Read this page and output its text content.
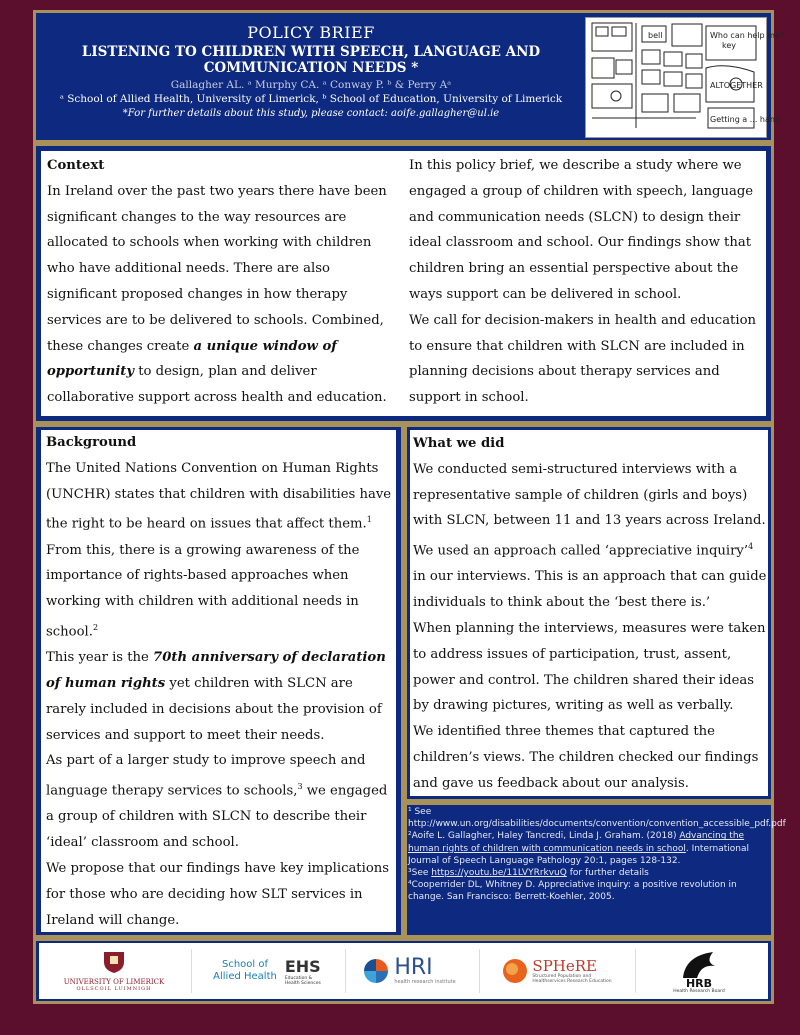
POLICY BRIEF
LISTENING TO CHILDREN WITH SPEECH, LANGUAGE AND COMMUNICATION NEEDS *
Gallagher AL. ᵃ Murphy CA. ᵃ Conway P. ᵇ & Perry Aᵃ
ᵃ School of Allied Health, University of Limerick, ᵇ School of Education, University of Limerick
*For further details about this study, please contact: aoife.gallagher@ul.ie
Who can help me?
key
bell
ALTOGETHER
Getting a ... hand
Context
In Ireland over the past two years there have been significant changes to the way resources are allocated to schools when working with children who have additional needs. There are also significant proposed changes in how therapy services are to be delivered to schools. Combined, these changes create a unique window of opportunity to design, plan and deliver collaborative support across health and education.
In this policy brief, we describe a study where we engaged a group of children with speech, language and communication needs (SLCN) to design their ideal classroom and school. Our findings show that children bring an essential perspective about the ways support can be delivered in school.
We call for decision-makers in health and education to ensure that children with SLCN are included in planning decisions about therapy services and support in school.
Background
The United Nations Convention on Human Rights (UNCHR) states that children with disabilities have the right to be heard on issues that affect them.$^1$
From this, there is a growing awareness of the importance of rights-based approaches when working with children with additional needs in school.$^2$
This year is the 70th anniversary of declaration of human rights yet children with SLCN are rarely included in decisions about the provision of services and support to meet their needs.
As part of a larger study to improve speech and language therapy services to schools,$^3$ we engaged a group of children with SLCN to describe their ‘ideal’ classroom and school.
We propose that our findings have key implications for those who are deciding how SLT services in Ireland will change.
What we did
We conducted semi-structured interviews with a representative sample of children (girls and boys) with SLCN, between 11 and 13 years across Ireland.
We used an approach called ‘appreciative inquiry’$^4$ in our interviews. This is an approach that can guide individuals to think about the ‘best there is.’
When planning the interviews, measures were taken to address issues of participation, trust, assent, power and control. The children shared their ideas by drawing pictures, writing as well as verbally.
We identified three themes that captured the children’s views. The children checked our findings and gave us feedback about our analysis.
¹ See http://www.un.org/disabilities/documents/convention/convention_accessible_pdf.pdf
²Aoife L. Gallagher, Haley Tancredi, Linda J. Graham. (2018) Advancing the human rights of children with communication needs in school. International Journal of Speech Language Pathology 20:1, pages 128-132.
³See https://youtu.be/11LVYRrkvuQ for further details
⁴Cooperrider DL, Whitney D. Appreciative inquiry: a positive revolution in change. San Francisco: Berrett-Koehler, 2005.
UNIVERSITY OF LIMERICK
OLLSCOIL LUIMNIGH
School of
Allied Health
EHS
Education & Health Sciences
HRI
health research institute
SPHeRE
Structured Population and
Healthservices Research Education	HRB
Health Research Board
